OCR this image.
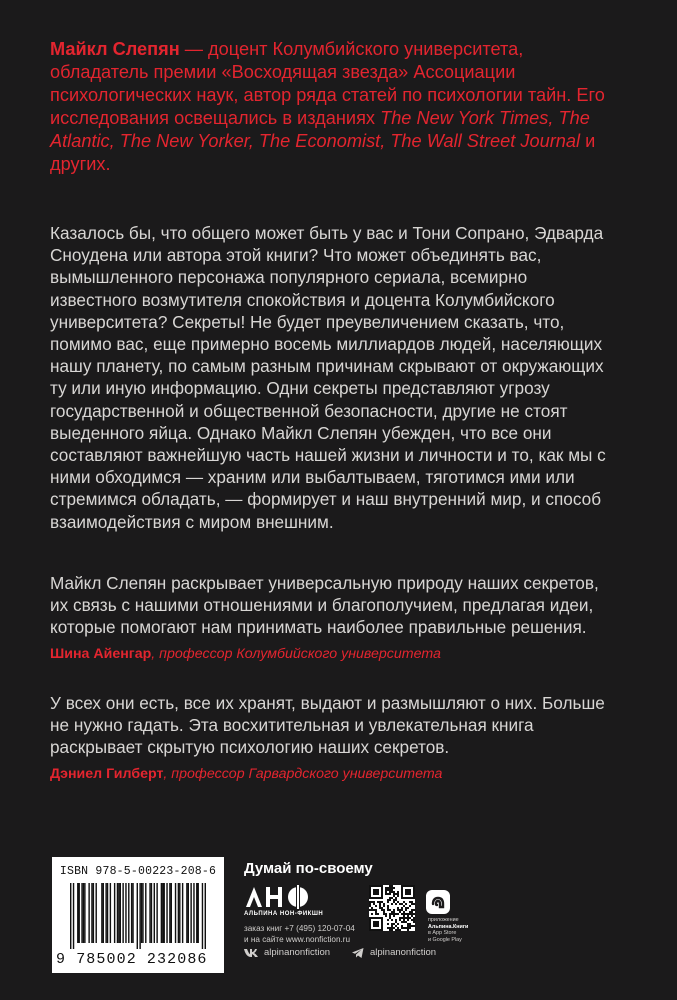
Майкл Слепян — доцент Колумбийского университета, обладатель премии «Восходящая звезда» Ассоциации психологических наук, автор ряда статей по психологии тайн. Его исследования освещались в изданиях The New York Times, The Atlantic, The New Yorker, The Economist, The Wall Street Journal и других.

Казалось бы, что общего может быть у вас и Тони Сопрано, Эдварда Сноудена или автора этой книги? Что может объединять вас, вымышленного персонажа популярного сериала, всемирно известного возмутителя спокойствия и доцента Колумбийского университета? Секреты! Не будет преувеличением сказать, что, помимо вас, еще примерно восемь миллиардов людей, населяющих нашу планету, по самым разным причинам скрывают от окружающих ту или иную информацию. Одни секреты представляют угрозу государственной и общественной безопасности, другие не стоят выеденного яйца. Однако Майкл Слепян убежден, что все они составляют важнейшую часть нашей жизни и личности и то, как мы с ними обходимся — храним или выбалтываем, тяготимся ими или стремимся обладать, — формирует и наш внутренний мир, и способ взаимодействия с миром внешним.

Майкл Слепян раскрывает универсальную природу наших секретов, их связь с нашими отношениями и благополучием, предлагая идеи, которые помогают нам принимать наиболее правильные решения.

Шина Айенгар, профессор Колумбийского университета

У всех они есть, все их хранят, выдают и размышляют о них. Больше не нужно гадать. Эта восхитительная и увлекательная книга раскрывает скрытую психологию наших секретов.

Дэниел Гилберт, профессор Гарвардского университета

ISBN 978-5-00223-208-6
9 785002 232086
Думай по-своему
АЛЬПИНА НОН-ФИКШН
заказ книг +7 (495) 120-07-04
и на сайте www.nonfiction.ru
alpinanonfiction	alpinanonfiction
приложение
Альпина.Книги
в App Store
и Google Play
